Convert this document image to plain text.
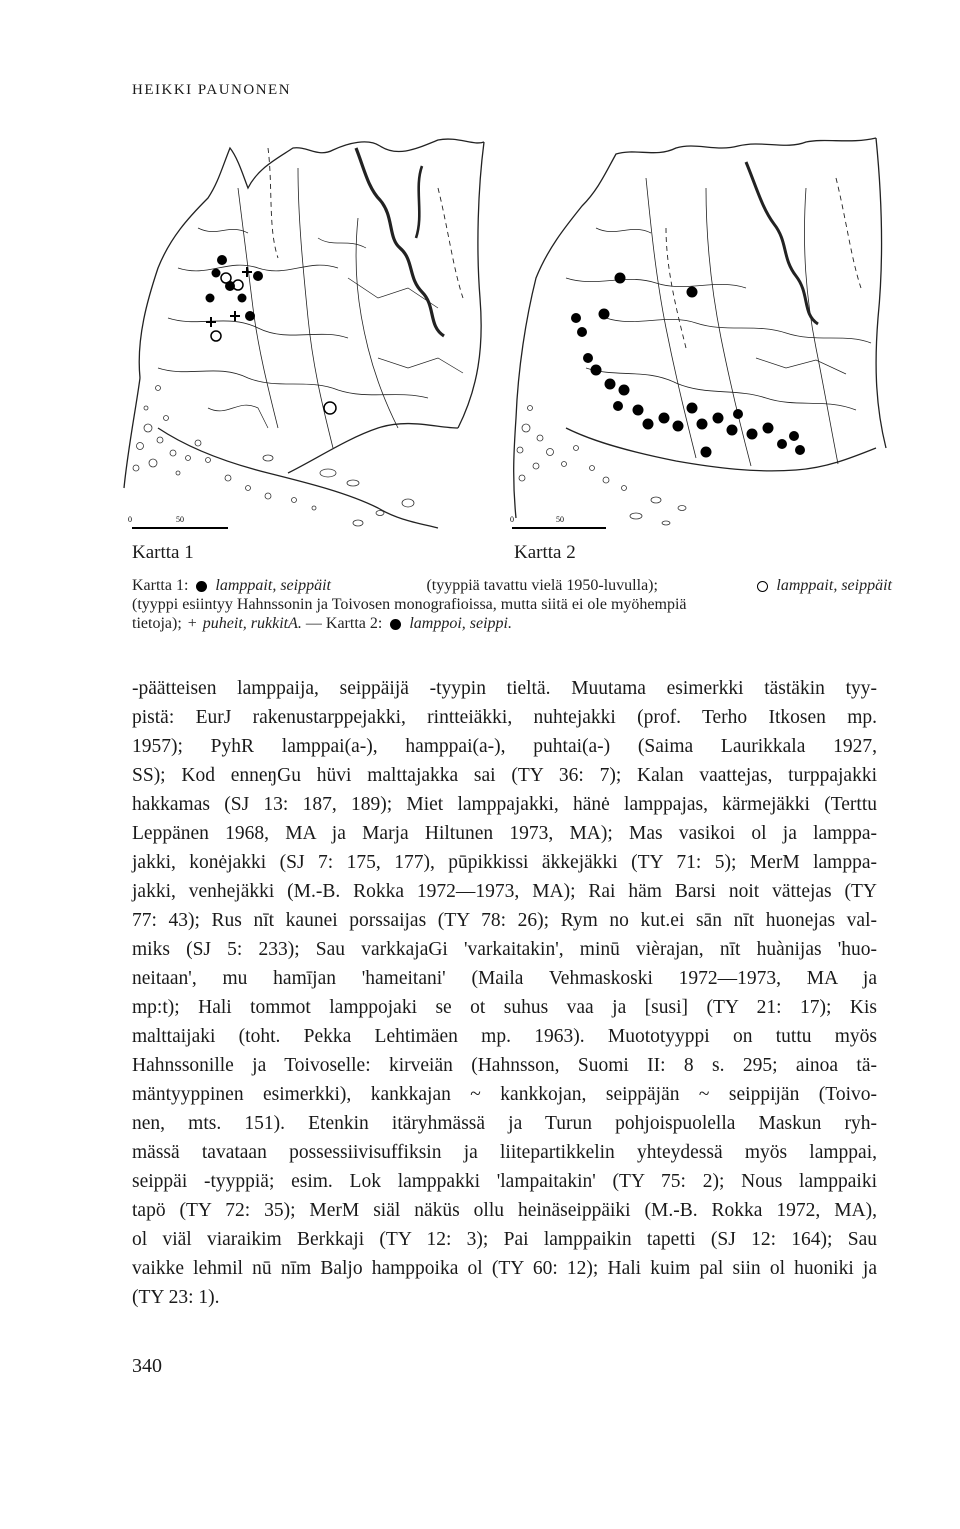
HEIKKI PAUNONEN
0	50	0	50
Kartta 1	Kartta 2
Kartta 1: lamppait, seippäit	(tyyppiä tavattu vielä 1950-luvulla);	lamppait, seippäit
(tyyppi esiintyy Hahnssonin ja Toivosen monografioissa, mutta siitä ei ole myöhempiä
tietoja); + puheit, rukkitA. — Kartta 2: lamppoi, seippi.

-päätteisen lamppaija, seippäijä -tyypin tieltä. Muutama esimerkki tästäkin tyy-
pistä: EurJ rakenustarppejakki, rintteiäkki, nuhtejakki (prof. Terho Itkosen mp.
1957); PyhR lamppai(a-), hamppai(a-), puhtai(a-) (Saima Laurikkala 1927,
SS); Kod enneŋGu hüvi malttajakka sai (TY 36: 7); Kalan vaattejas, turppajakki
hakkamas (SJ 13: 187, 189); Miet lamppajakki, hänė lamppajas, kärmejäkki (Terttu
Leppänen 1968, MA ja Marja Hiltunen 1973, MA); Mas vasikoi ol ja lamppa-
jakki, konėjakki (SJ 7: 175, 177), pūpikkissi äkkejäkki (TY 71: 5); MerM lamppa-
jakki, venhejäkki (M.-B. Rokka 1972—1973, MA); Rai häm Barsi noit vättejas (TY
77: 43); Rus nīt kaunei porssaijas (TY 78: 26); Rym no kut.ei sān nīt huonejas val-
miks (SJ 5: 233); Sau varkkajaGi 'varkaitakin', minū vièrajan, nīt huànijas 'huo-
neitaan', mu hamījan 'hameitani' (Maila Vehmaskoski 1972—1973, MA ja
mp:t); Hali tommot lamppojaki se ot suhus vaa ja [susi] (TY 21: 17); Kis
malttaijaki (toht. Pekka Lehtimäen mp. 1963). Muototyyppi on tuttu myös
Hahnssonille ja Toivoselle: kirveiän (Hahnsson, Suomi II: 8 s. 295; ainoa tä-
mäntyyppinen esimerkki), kankkajan ~ kankkojan, seippäjän ~ seippijän (Toivo-
nen, mts. 151). Etenkin itäryhmässä ja Turun pohjoispuolella Maskun ryh-
mässä tavataan possessiivisuffiksin ja liitepartikkelin yhteydessä myös lamppai,
seippäi -tyyppiä; esim. Lok lamppakki 'lampaitakin' (TY 75: 2); Nous lamppaiki
tapö (TY 72: 35); MerM siäl näküs ollu heinäseippäiki (M.-B. Rokka 1972, MA),
ol viäl viaraikim Berkkaji (TY 12: 3); Pai lamppaikin tapetti (SJ 12: 164); Sau
vaikke lehmil nū nīm Baljo hamppoika ol (TY 60: 12); Hali kuim pal siin ol huoniki ja
(TY 23: 1).

340
